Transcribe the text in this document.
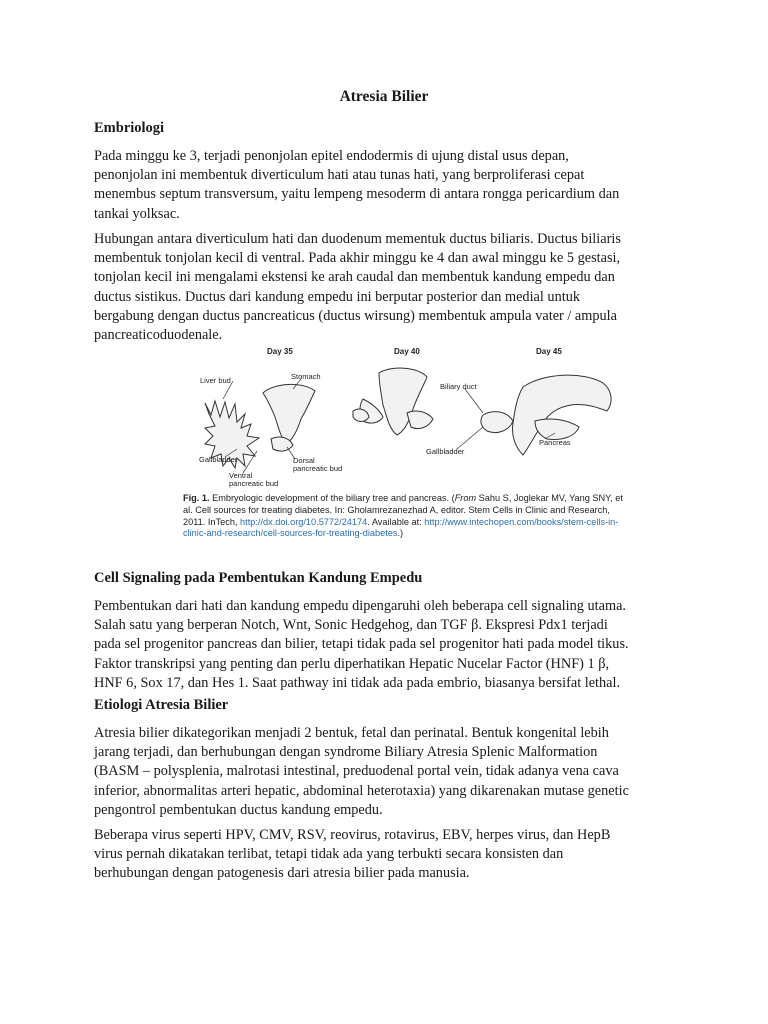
Atresia Bilier
Embriologi
Pada minggu ke 3, terjadi penonjolan epitel endodermis di ujung distal usus depan,
penonjolan ini membentuk diverticulum hati atau tunas hati, yang berproliferasi cepat
menembus septum transversum, yaitu lempeng mesoderm di antara rongga pericardium dan
tankai yolksac.
Hubungan antara diverticulum hati dan duodenum mementuk ductus biliaris. Ductus biliaris
membentuk tonjolan kecil di ventral. Pada akhir minggu ke 4 dan awal minggu ke 5 gestasi,
tonjolan kecil ini mengalami ekstensi ke arah caudal dan membentuk kandung empedu dan
ductus sistikus. Ductus dari kandung empedu ini berputar posterior dan medial untuk
bergabung dengan ductus pancreaticus (ductus wirsung) membentuk ampula vater / ampula
pancreaticoduodenale.
Day 35	Day 40	Day 45
Liver bud	Stomach
Gallbladder
Ventral
pancreatic bud
Dorsal
pancreatic bud
Biliary duct
Gallbladder
Pancreas
Fig. 1. Embryologic development of the biliary tree and pancreas. (From Sahu S, Joglekar MV, Yang SNY, et al. Cell sources for treating diabetes. In: Gholamrezanezhad A, editor. Stem Cells in Clinic and Research, 2011. InTech, http://dx.doi.org/10.5772/24174. Available at: http://www.intechopen.com/books/stem-cells-in-clinic-and-research/cell-sources-for-treating-diabetes.)
Cell Signaling pada Pembentukan Kandung Empedu
Pembentukan dari hati dan kandung empedu dipengaruhi oleh beberapa cell signaling utama.
Salah satu yang berperan Notch, Wnt, Sonic Hedgehog, dan TGF β. Ekspresi Pdx1 terjadi
pada sel progenitor pancreas dan bilier, tetapi tidak pada sel progenitor hati pada model tikus.
Faktor transkripsi yang penting dan perlu diperhatikan Hepatic Nucelar Factor (HNF) 1 β,
HNF 6, Sox 17, dan Hes 1. Saat pathway ini tidak ada pada embrio, biasanya bersifat lethal.
Etiologi Atresia Bilier
Atresia bilier dikategorikan menjadi 2 bentuk, fetal dan perinatal. Bentuk kongenital lebih
jarang terjadi, dan berhubungan dengan syndrome Biliary Atresia Splenic Malformation
(BASM – polysplenia, malrotasi intestinal, preduodenal portal vein, tidak adanya vena cava
inferior, abnormalitas arteri hepatic, abdominal heterotaxia) yang dikarenakan mutase genetic
pengontrol pembentukan ductus kandung empedu.
Beberapa virus seperti HPV, CMV, RSV, reovirus, rotavirus, EBV, herpes virus, dan HepB
virus pernah dikatakan terlibat, tetapi tidak ada yang terbukti secara konsisten dan
berhubungan dengan patogenesis dari atresia bilier pada manusia.
